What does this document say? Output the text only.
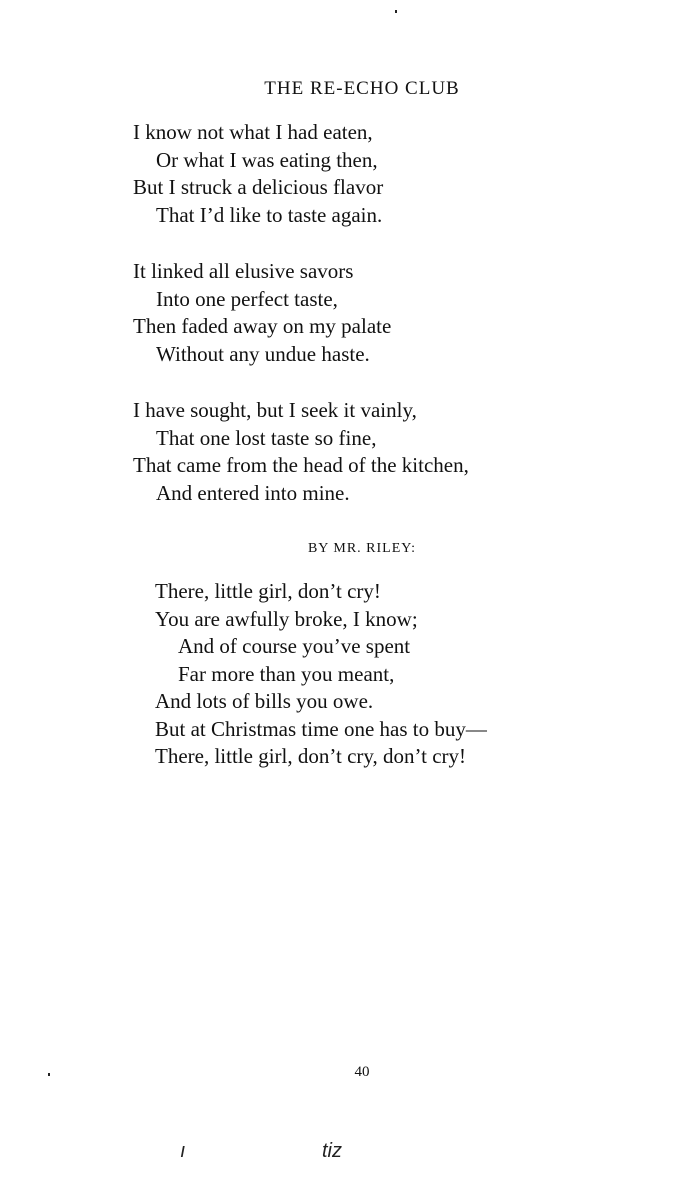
THE RE-ECHO CLUB
I know not what I had eaten,
Or what I was eating then,
But I struck a delicious flavor
That I’d like to taste again.
It linked all elusive savors
Into one perfect taste,
Then faded away on my palate
Without any undue haste.
I have sought, but I seek it vainly,
That one lost taste so fine,
That came from the head of the kitchen,
And entered into mine.
BY MR. RILEY:
There, little girl, don’t cry!
You are awfully broke, I know;
And of course you’ve spent
Far more than you meant,
And lots of bills you owe.
But at Christmas time one has to buy—
There, little girl, don’t cry, don’t cry!
40
ı	tiz
